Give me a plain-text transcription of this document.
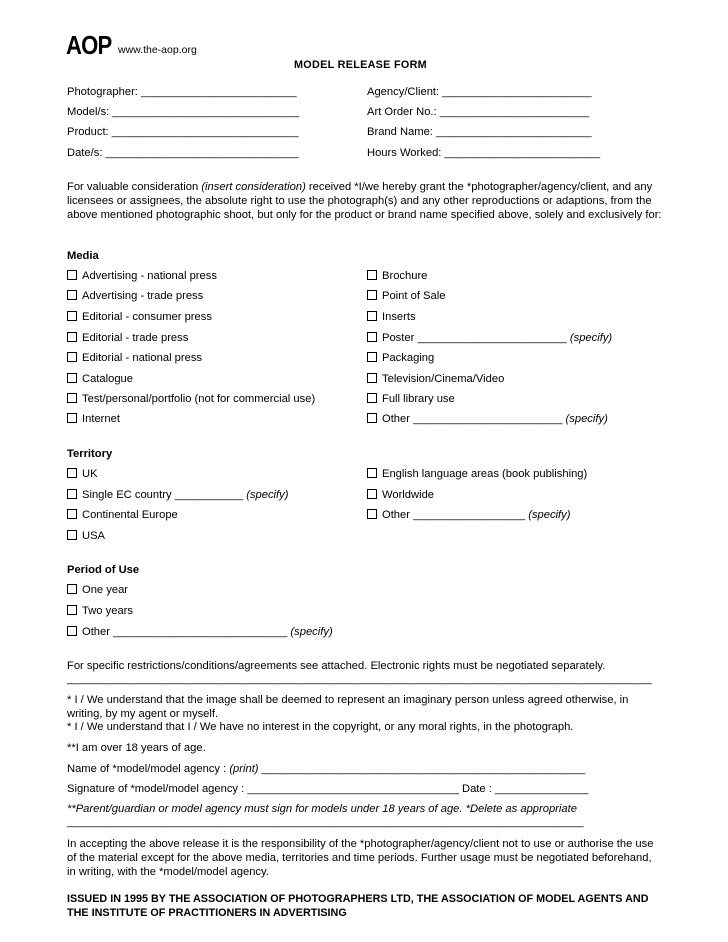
AOP www.the-aop.org
MODEL RELEASE FORM
Photographer: _________________________	Agency/Client: ________________________
Model/s: ______________________________	Art Order No.: ________________________
Product: ______________________________	Brand Name: _________________________
Date/s: _______________________________	Hours Worked: _________________________
For valuable consideration (insert consideration) received *I/we hereby grant the *photographer/agency/client, and any licensees or assignees, the absolute right to use the photograph(s) and any other reproductions or adaptions, from the above mentioned photographic shoot, but only for the product or brand name specified above, solely and exclusively for:
Media
Advertising - national press
Advertising - trade press
Editorial - consumer press
Editorial - trade press
Editorial - national press
Catalogue
Test/personal/portfolio (not for commercial use)
Internet
Brochure
Point of Sale
Inserts
Poster ________________________ (specify)
Packaging
Television/Cinema/Video
Full library use
Other ________________________ (specify)
Territory
UK
Single EC country ___________ (specify)
Continental Europe
USA
English language areas (book publishing)
Worldwide
Other __________________ (specify)
Period of Use
One year
Two years
Other ____________________________ (specify)
For specific restrictions/conditions/agreements see attached. Electronic rights must be negotiated separately.
______________________________________________________________________________________________
* I / We understand that the image shall be deemed to represent an imaginary person unless agreed otherwise, in writing, by my agent or myself.
* I / We understand that I / We have no interest in the copyright, or any moral rights, in the photograph.
**I am over 18 years of age.
Name of *model/model agency : (print) ____________________________________________________
Signature of *model/model agency : __________________________________ Date : _______________
**Parent/guardian or model agency must sign for models under 18 years of age. *Delete as appropriate
___________________________________________________________________________________
In accepting the above release it is the responsibility of the *photographer/agency/client not to use or authorise the use of the material except for the above media, territories and time periods. Further usage must be negotiated beforehand, in writing, with the *model/model agency.
ISSUED IN 1995 BY THE ASSOCIATION OF PHOTOGRAPHERS LTD, THE ASSOCIATION OF MODEL AGENTS AND THE INSTITUTE OF PRACTITIONERS IN ADVERTISING
